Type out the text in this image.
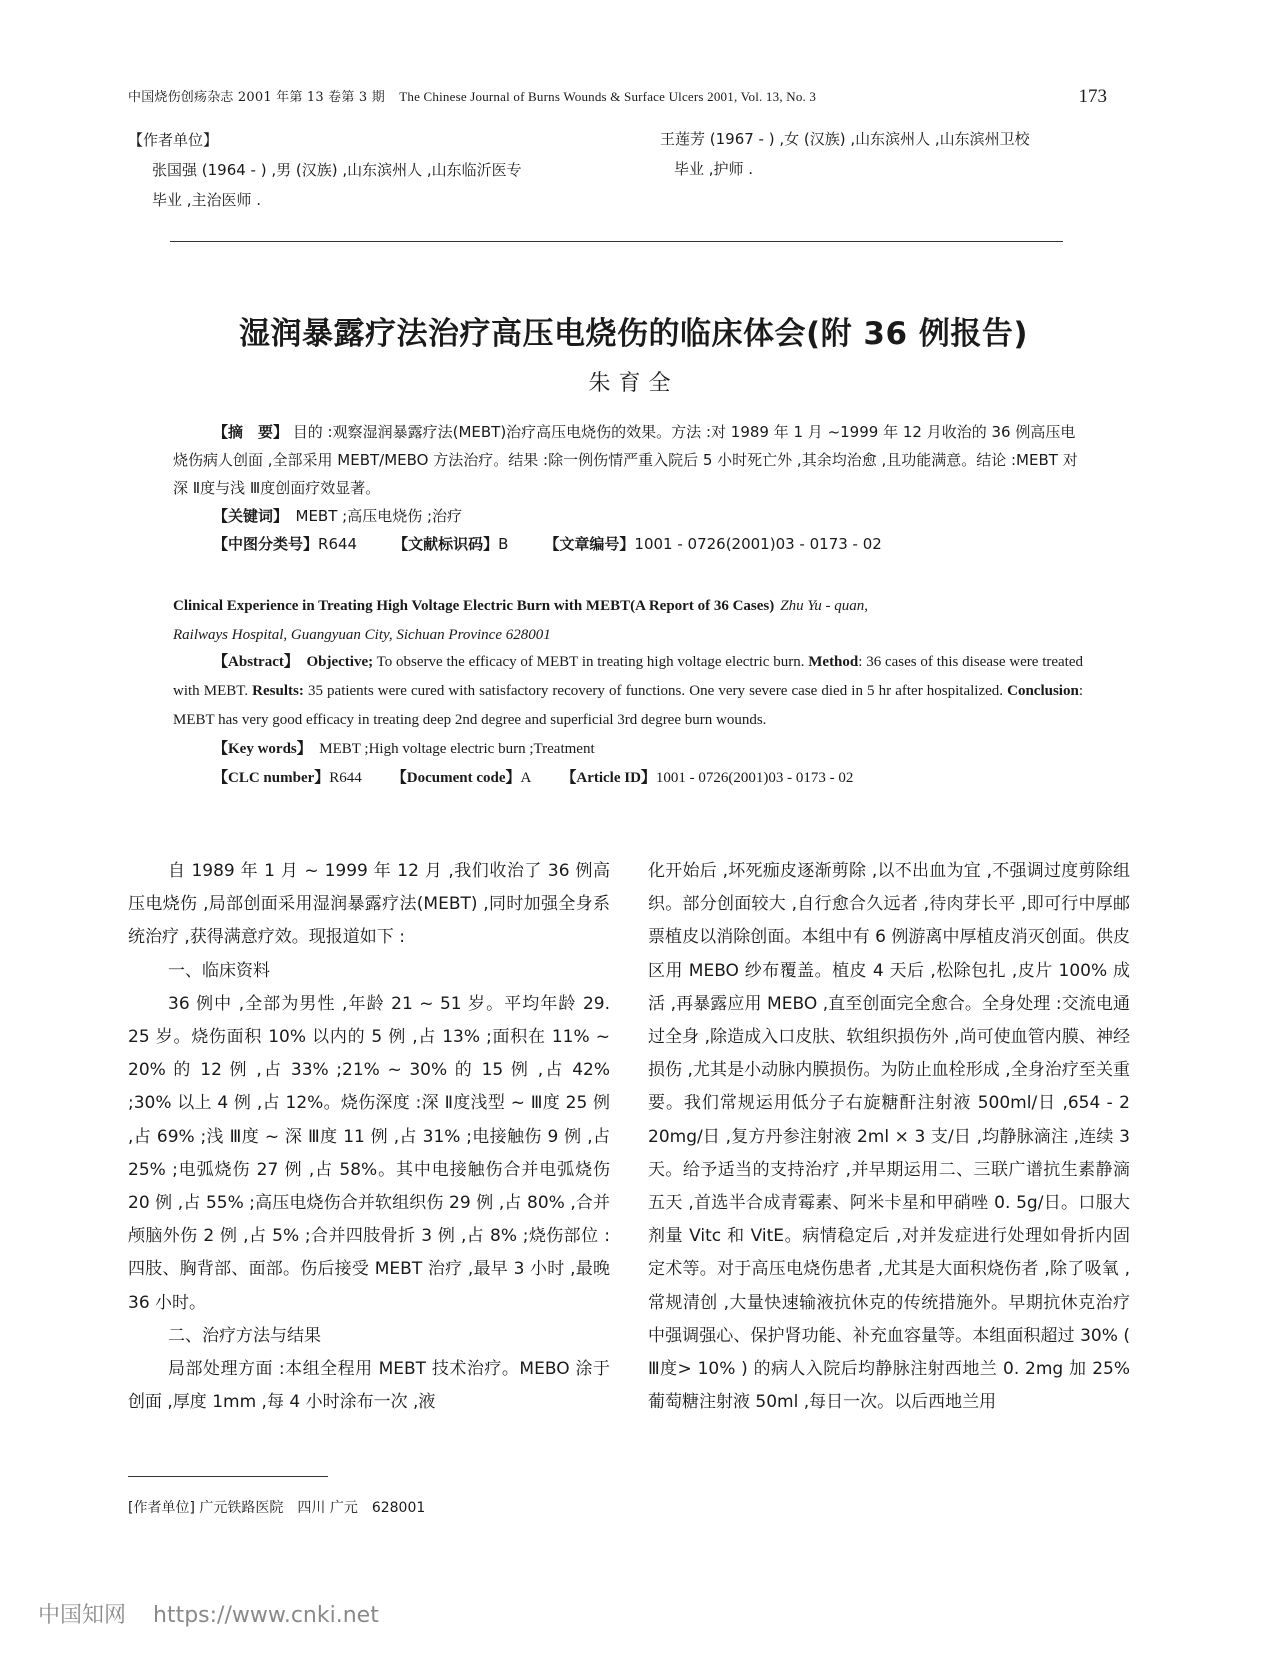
中国烧伤创疡杂志 2001 年第 13 卷第 3 期 The Chinese Journal of Burns Wounds & Surface Ulcers 2001, Vol. 13, No. 3	173
【作者单位】
张国强 (1964 - ) ,男 (汉族) ,山东滨州人 ,山东临沂医专
毕业 ,主治医师 .
王莲芳 (1967 - ) ,女 (汉族) ,山东滨州人 ,山东滨州卫校
毕业 ,护师 .
湿润暴露疗法治疗高压电烧伤的临床体会(附 36 例报告)
朱育全

【摘　要】 目的 :观察湿润暴露疗法(MEBT)治疗高压电烧伤的效果。方法 :对 1989 年 1 月 ~1999 年 12 月收治的 36 例高压电烧伤病人创面 ,全部采用 MEBT/MEBO 方法治疗。结果 :除一例伤情严重入院后 5 小时死亡外 ,其余均治愈 ,且功能满意。结论 :MEBT 对深 Ⅱ度与浅 Ⅲ度创面疗效显著。

【关键词】　MEBT ;高压电烧伤 ;治疗

【中图分类号】R644 【文献标识码】B 【文章编号】1001 - 0726(2001)03 - 0173 - 02

Clinical Experience in Treating High Voltage Electric Burn with MEBT(A Report of 36 Cases) Zhu Yu - quan,
Railways Hospital, Guangyuan City, Sichuan Province 628001

【Abstract】　 Objective; To observe the efficacy of MEBT in treating high voltage electric burn. Method: 36 cases of this disease were treated with MEBT. Results: 35 patients were cured with satisfactory recovery of functions. One very severe case died in 5 hr after hospitalized. Conclusion: MEBT has very good efficacy in treating deep 2nd degree and superficial 3rd degree burn wounds.

【Key words】　MEBT ;High voltage electric burn ;Treatment

【CLC number】R644 【Document code】A 【Article ID】1001 - 0726(2001)03 - 0173 - 02

自 1989 年 1 月 ~ 1999 年 12 月 ,我们收治了 36 例高压电烧伤 ,局部创面采用湿润暴露疗法(MEBT) ,同时加强全身系统治疗 ,获得满意疗效。现报道如下 :

一、临床资料

36 例中 ,全部为男性 ,年龄 21 ~ 51 岁。平均年龄 29. 25 岁。烧伤面积 10% 以内的 5 例 ,占 13% ;面积在 11% ~ 20% 的 12 例 ,占 33% ;21% ~ 30% 的 15 例 ,占 42% ;30% 以上 4 例 ,占 12%。烧伤深度 :深 Ⅱ度浅型 ~ Ⅲ度 25 例 ,占 69% ;浅 Ⅲ度 ~ 深 Ⅲ度 11 例 ,占 31% ;电接触伤 9 例 ,占 25% ;电弧烧伤 27 例 ,占 58%。其中电接触伤合并电弧烧伤 20 例 ,占 55% ;高压电烧伤合并软组织伤 29 例 ,占 80% ,合并颅脑外伤 2 例 ,占 5% ;合并四肢骨折 3 例 ,占 8% ;烧伤部位 :四肢、胸背部、面部。伤后接受 MEBT 治疗 ,最早 3 小时 ,最晚 36 小时。

二、治疗方法与结果

局部处理方面 :本组全程用 MEBT 技术治疗。MEBO 涂于创面 ,厚度 1mm ,每 4 小时涂布一次 ,液

化开始后 ,坏死痂皮逐渐剪除 ,以不出血为宜 ,不强调过度剪除组织。部分创面较大 ,自行愈合久远者 ,待肉芽长平 ,即可行中厚邮票植皮以消除创面。本组中有 6 例游离中厚植皮消灭创面。供皮区用 MEBO 纱布覆盖。植皮 4 天后 ,松除包扎 ,皮片 100% 成活 ,再暴露应用 MEBO ,直至创面完全愈合。全身处理 :交流电通过全身 ,除造成入口皮肤、软组织损伤外 ,尚可使血管内膜、神经损伤 ,尤其是小动脉内膜损伤。为防止血栓形成 ,全身治疗至关重要。我们常规运用低分子右旋糖酐注射液 500ml/日 ,654 - 2　20mg/日 ,复方丹参注射液 2ml × 3 支/日 ,均静脉滴注 ,连续 3 天。给予适当的支持治疗 ,并早期运用二、三联广谱抗生素静滴五天 ,首选半合成青霉素、阿米卡星和甲硝唑 0. 5g/日。口服大剂量 Vitc 和 VitE。病情稳定后 ,对并发症进行处理如骨折内固定术等。对于高压电烧伤患者 ,尤其是大面积烧伤者 ,除了吸氧 ,常规清创 ,大量快速输液抗休克的传统措施外。早期抗休克治疗中强调强心、保护肾功能、补充血容量等。本组面积超过 30% ( Ⅲ度> 10% ) 的病人入院后均静脉注射西地兰 0. 2mg 加 25% 葡萄糖注射液 50ml ,每日一次。以后西地兰用

[作者单位] 广元铁路医院　四川 广元　628001
中国知网 https://www.cnki.net
